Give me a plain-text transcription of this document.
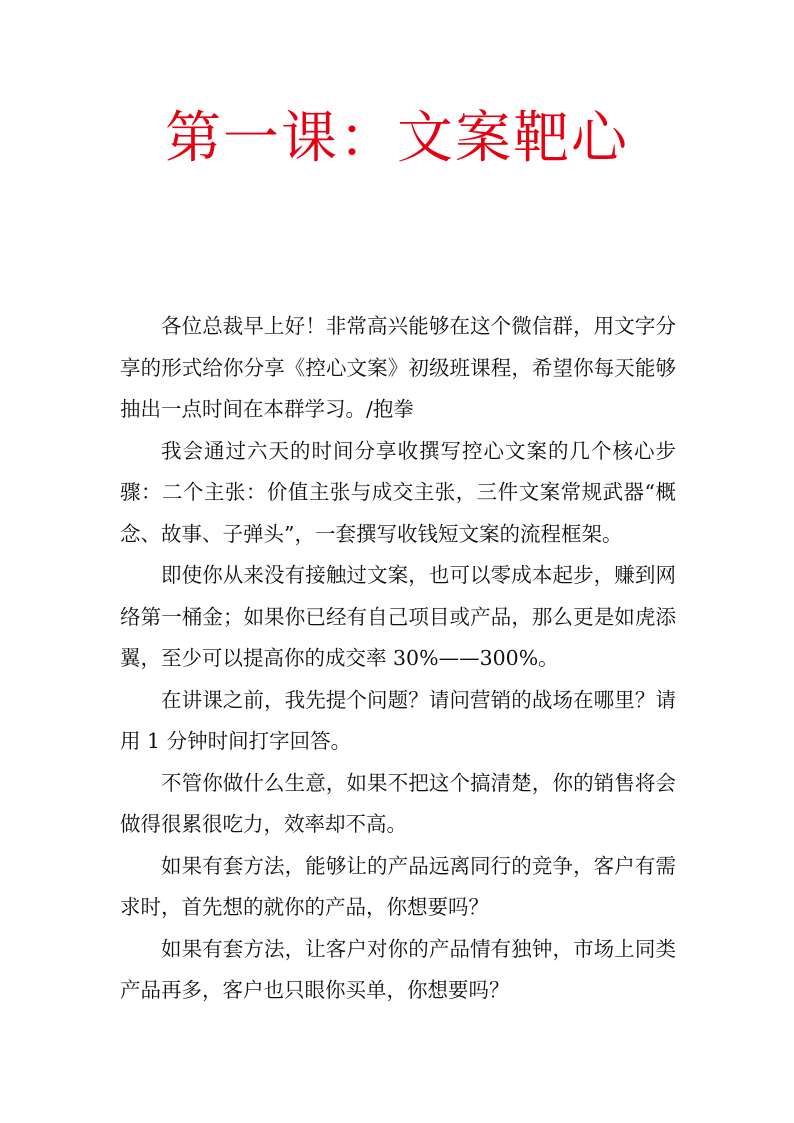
第一课：文案靶心

各位总裁早上好！非常高兴能够在这个微信群，用文字分享的形式给你分享《控心文案》初级班课程，希望你每天能够抽出一点时间在本群学习。/抱拳

我会通过六天的时间分享收撰写控心文案的几个核心步骤：二个主张：价值主张与成交主张，三件文案常规武器“概念、故事、子弹头”，一套撰写收钱短文案的流程框架。

即使你从来没有接触过文案，也可以零成本起步，赚到网络第一桶金；如果你已经有自己项目或产品，那么更是如虎添翼，至少可以提高你的成交率 30%——300%。

在讲课之前，我先提个问题？请问营销的战场在哪里？请用 1 分钟时间打字回答。

不管你做什么生意，如果不把这个搞清楚，你的销售将会做得很累很吃力，效率却不高。

如果有套方法，能够让的产品远离同行的竞争，客户有需求时，首先想的就你的产品，你想要吗？

如果有套方法，让客户对你的产品情有独钟，市场上同类产品再多，客户也只眼你买单，你想要吗？
